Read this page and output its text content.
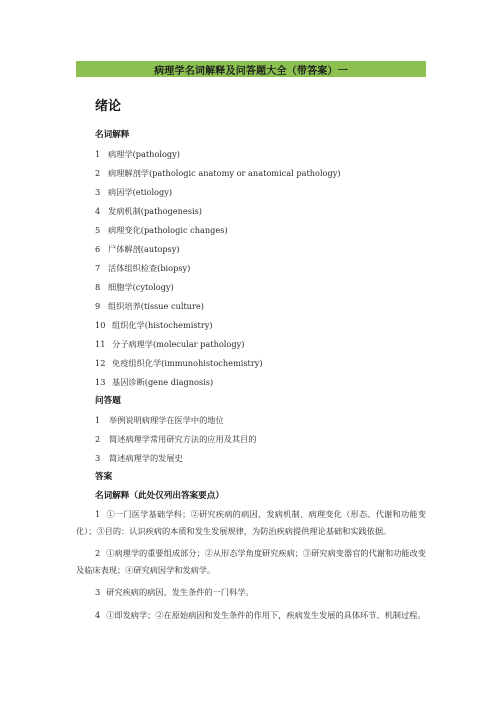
病理学名词解释及问答题大全（带答案）一
绪论
名词解释
1 病理学(pathology)
2 病理解剖学(pathologic anatomy or anatomical pathology)
3 病因学(etiology)
4 发病机制(pathogenesis)
5 病理变化(pathologic changes)
6 尸体解剖(autopsy)
7 活体组织检查(biopsy)
8 细胞学(cytology)
9 组织培养(tissue culture)
10 组织化学(histochemistry)
11 分子病理学(molecular pathology)
12 免疫组织化学(immunohistochemistry)
13 基因诊断(gene diagnosis)
问答题
1 举例说明病理学在医学中的地位
2 简述病理学常用研究方法的应用及其目的
3 简述病理学的发展史
答案
名词解释（此处仅列出答案要点）
1 ①一门医学基础学科；②研究疾病的病因、发病机制、病理变化（形态、代谢和功能变化）；③目的：认识疾病的本质和发生发展规律，为防治疾病提供理论基础和实践依据。
2 ①病理学的重要组成部分；②从形态学角度研究疾病；③研究病变器官的代谢和功能改变及临床表现；④研究病因学和发病学。
3 研究疾病的病因、发生条件的一门科学。
4 ①即发病学；②在原始病因和发生条件的作用下，疾病发生发展的具体环节、机制过程。
